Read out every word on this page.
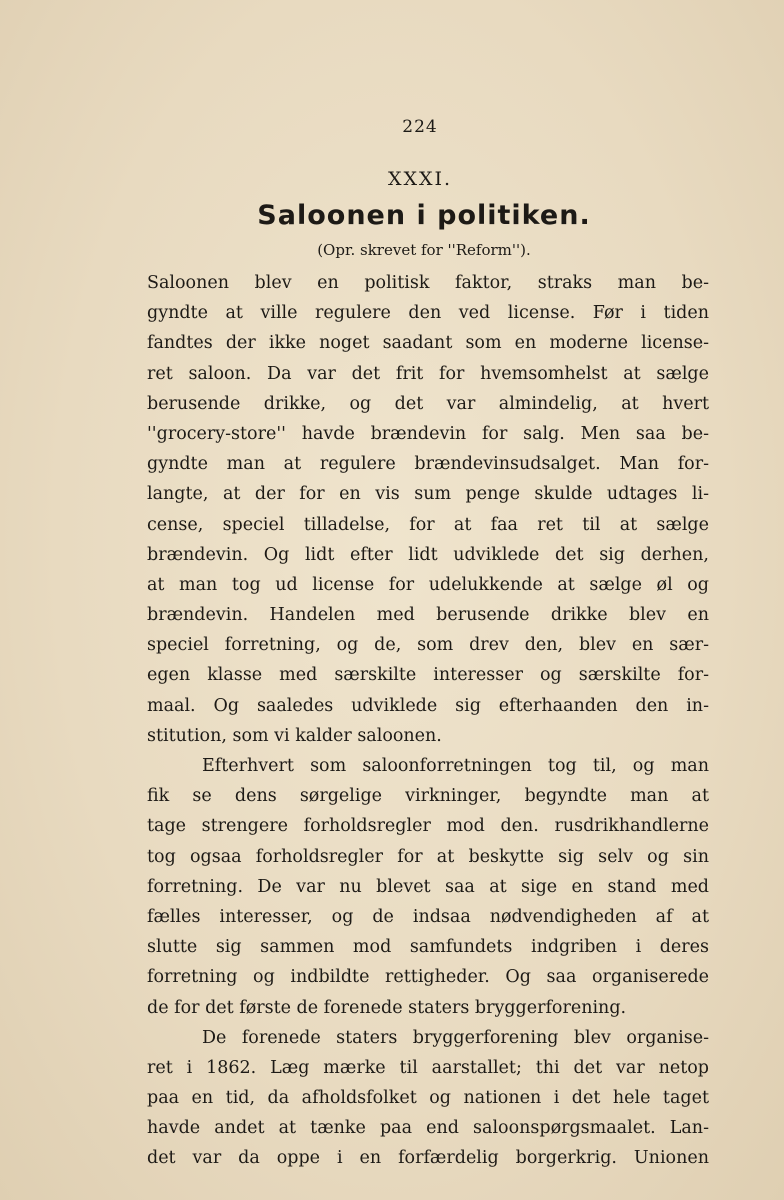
224
XXXI.
Saloonen i politiken.
(Opr. skrevet for ''Reform'').
Saloonen blev en politisk faktor, straks man be-
gyndte at ville regulere den ved license. Før i tiden
fandtes der ikke noget saadant som en moderne license-
ret saloon. Da var det frit for hvemsomhelst at sælge
berusende drikke, og det var almindelig, at hvert
''grocery-store'' havde brændevin for salg. Men saa be-
gyndte man at regulere brændevinsudsalget. Man for-
langte, at der for en vis sum penge skulde udtages li-
cense, speciel tilladelse, for at faa ret til at sælge
brændevin. Og lidt efter lidt udviklede det sig derhen,
at man tog ud license for udelukkende at sælge øl og
brændevin. Handelen med berusende drikke blev en
speciel forretning, og de, som drev den, blev en sær-
egen klasse med særskilte interesser og særskilte for-
maal. Og saaledes udviklede sig efterhaanden den in-
stitution, som vi kalder saloonen.
Efterhvert som saloonforretningen tog til, og man
fik se dens sørgelige virkninger, begyndte man at
tage strengere forholdsregler mod den. rusdrikhandlerne
tog ogsaa forholdsregler for at beskytte sig selv og sin
forretning. De var nu blevet saa at sige en stand med
fælles interesser, og de indsaa nødvendigheden af at
slutte sig sammen mod samfundets indgriben i deres
forretning og indbildte rettigheder. Og saa organiserede
de for det første de forenede staters bryggerforening.
De forenede staters bryggerforening blev organise-
ret i 1862. Læg mærke til aarstallet; thi det var netop
paa en tid, da afholdsfolket og nationen i det hele taget
havde andet at tænke paa end saloonspørgsmaalet. Lan-
det var da oppe i en forfærdelig borgerkrig. Unionen
